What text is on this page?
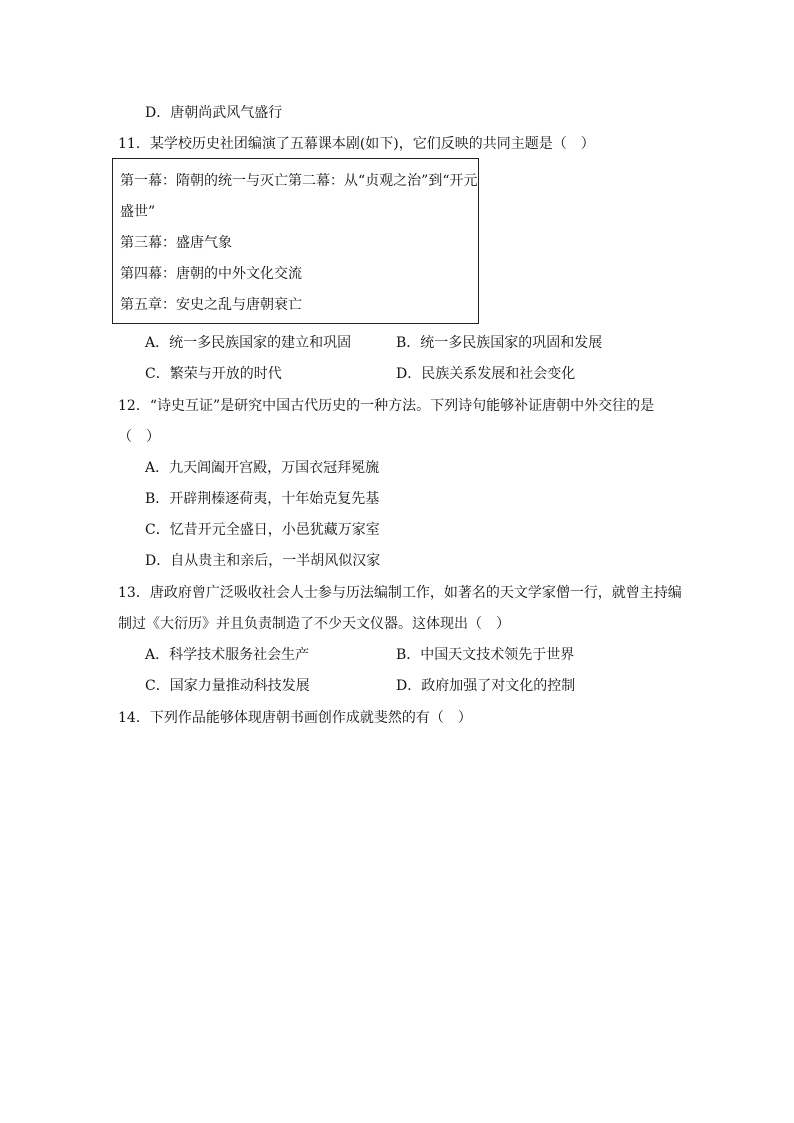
D．唐朝尚武风气盛行
11．某学校历史社团编演了五幕课本剧(如下)，它们反映的共同主题是（　）
第一幕：隋朝的统一与灭亡第二幕：从“贞观之治”到“开元
盛世”
第三幕：盛唐气象
第四幕：唐朝的中外文化交流
第五章：安史之乱与唐朝衰亡
A．统一多民族国家的建立和巩固	B．统一多民族国家的巩固和发展
C．繁荣与开放的时代	D．民族关系发展和社会变化
12．“诗史互证”是研究中国古代历史的一种方法。下列诗句能够补证唐朝中外交往的是
（　）
A．九天阊阖开宫殿，万国衣冠拜冕旒
B．开辟荆榛逐荷夷，十年始克复先基
C．忆昔开元全盛日，小邑犹藏万家室
D．自从贵主和亲后，一半胡风似汉家
13．唐政府曾广泛吸收社会人士参与历法编制工作，如著名的天文学家僧一行，就曾主持编
制过《大衍历》并且负责制造了不少天文仪器。这体现出（　）
A．科学技术服务社会生产	B．中国天文技术领先于世界
C．国家力量推动科技发展	D．政府加强了对文化的控制
14．下列作品能够体现唐朝书画创作成就斐然的有（　）
